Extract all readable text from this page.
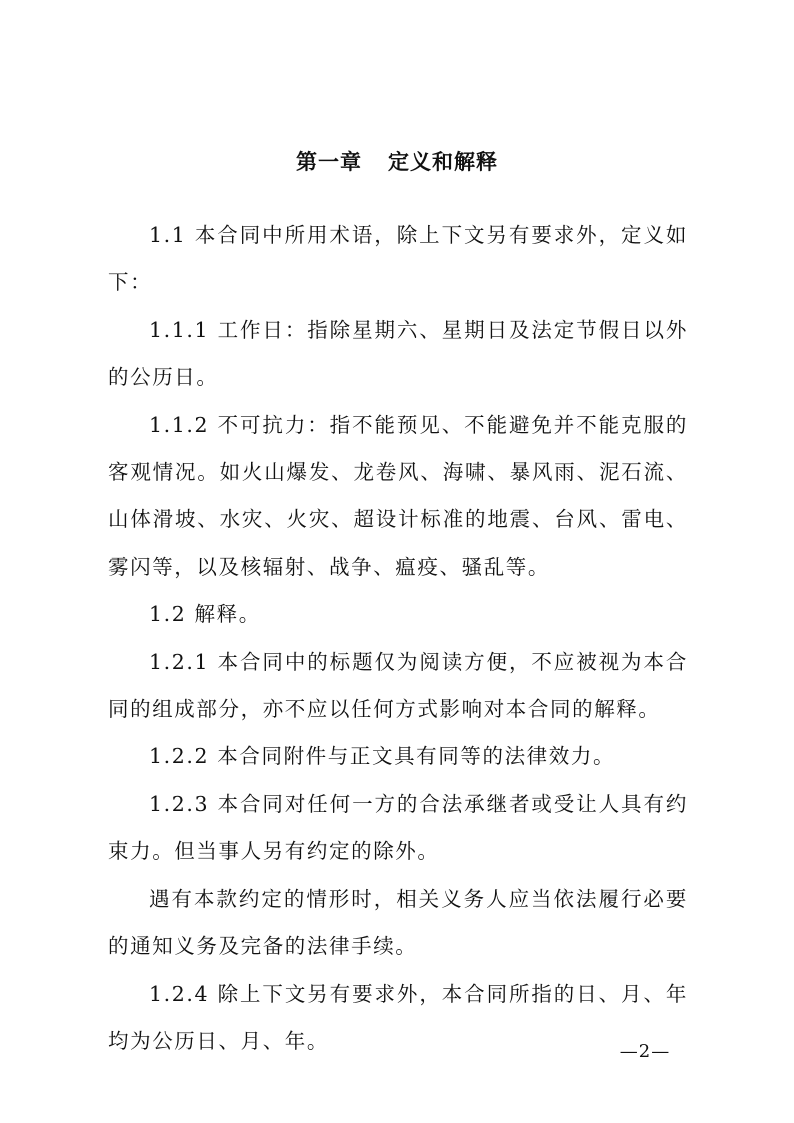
第一章 定义和解释

1.1 本合同中所用术语，除上下文另有要求外，定义如下：

1.1.1 工作日：指除星期六、星期日及法定节假日以外的公历日。

1.1.2 不可抗力：指不能预见、不能避免并不能克服的客观情况。如火山爆发、龙卷风、海啸、暴风雨、泥石流、山体滑坡、水灾、火灾、超设计标准的地震、台风、雷电、雾闪等，以及核辐射、战争、瘟疫、骚乱等。

1.2 解释。

1.2.1 本合同中的标题仅为阅读方便，不应被视为本合同的组成部分，亦不应以任何方式影响对本合同的解释。

1.2.2 本合同附件与正文具有同等的法律效力。

1.2.3 本合同对任何一方的合法承继者或受让人具有约束力。但当事人另有约定的除外。

遇有本款约定的情形时，相关义务人应当依法履行必要的通知义务及完备的法律手续。

1.2.4 除上下文另有要求外，本合同所指的日、月、年均为公历日、月、年。	—2—
